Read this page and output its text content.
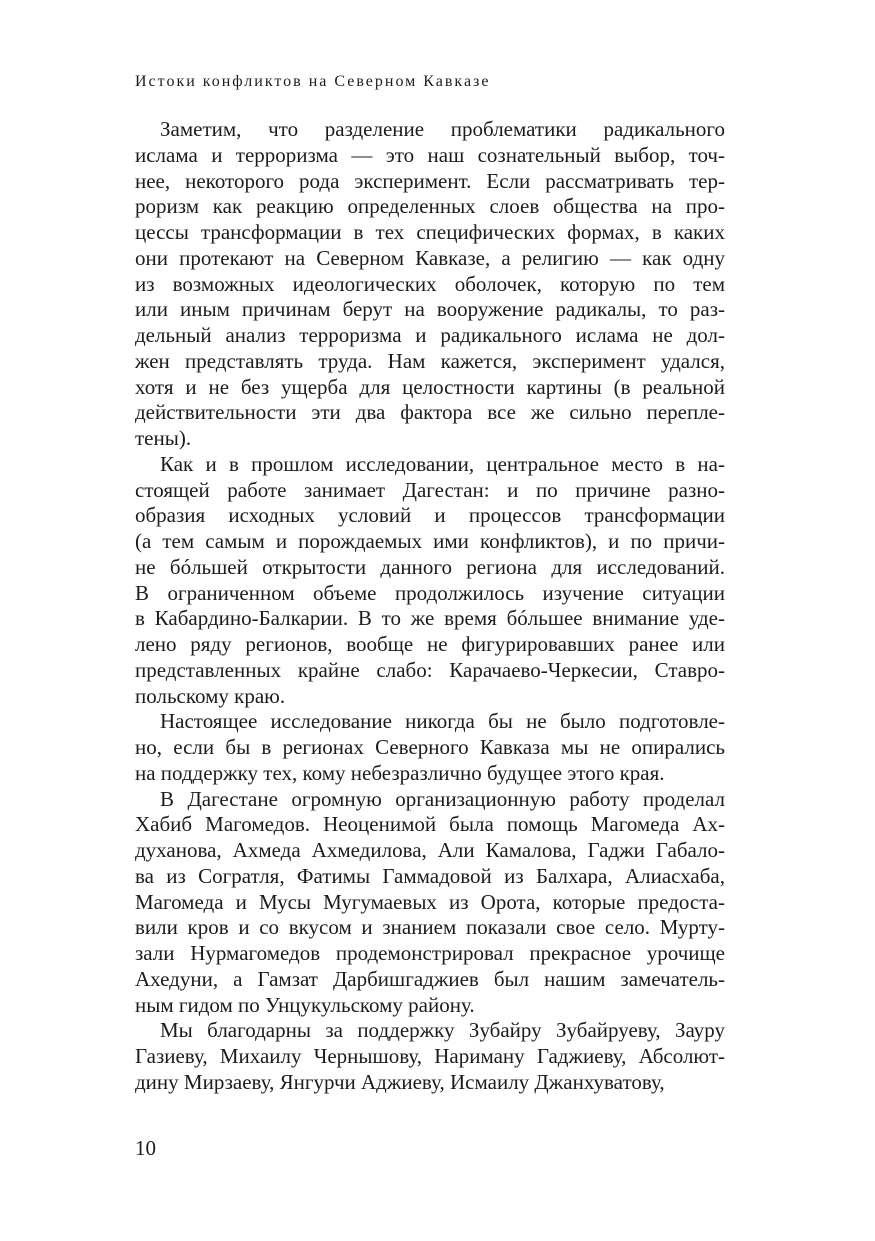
Истоки конфликтов на Северном Кавказе
Заметим, что разделение проблематики радикального
ислама и терроризма — это наш сознательный выбор, точ-
нее, некоторого рода эксперимент. Если рассматривать тер-
роризм как реакцию определенных слоев общества на про-
цессы трансформации в тех специфических формах, в каких
они протекают на Северном Кавказе, а религию — как одну
из возможных идеологических оболочек, которую по тем
или иным причинам берут на вооружение радикалы, то раз-
дельный анализ терроризма и радикального ислама не дол-
жен представлять труда. Нам кажется, эксперимент удался,
хотя и не без ущерба для целостности картины (в реальной
действительности эти два фактора все же сильно перепле-
тены).
Как и в прошлом исследовании, центральное место в на-
стоящей работе занимает Дагестан: и по причине разно-
образия исходных условий и процессов трансформации
(а тем самым и порождаемых ими конфликтов), и по причи-
не бóльшей открытости данного региона для исследований.
В ограниченном объеме продолжилось изучение ситуации
в Кабардино-Балкарии. В то же время бóльшее внимание уде-
лено ряду регионов, вообще не фигурировавших ранее или
представленных крайне слабо: Карачаево-Черкесии, Ставро-
польскому краю.
Настоящее исследование никогда бы не было подготовле-
но, если бы в регионах Северного Кавказа мы не опирались
на поддержку тех, кому небезразлично будущее этого края.
В Дагестане огромную организационную работу проделал
Хабиб Магомедов. Неоценимой была помощь Магомеда Ах-
духанова, Ахмеда Ахмедилова, Али Камалова, Гаджи Габало-
ва из Согратля, Фатимы Гаммадовой из Балхара, Алиасхаба,
Магомеда и Мусы Мугумаевых из Орота, которые предоста-
вили кров и со вкусом и знанием показали свое село. Мурту-
зали Нурмагомедов продемонстрировал прекрасное урочище
Ахедуни, а Гамзат Дарбишгаджиев был нашим замечатель-
ным гидом по Унцукульскому району.
Мы благодарны за поддержку Зубайру Зубайруеву, Зауру
Газиеву, Михаилу Чернышову, Нариману Гаджиеву, Абсолют-
дину Мирзаеву, Янгурчи Аджиеву, Исмаилу Джанхуватову,
10
